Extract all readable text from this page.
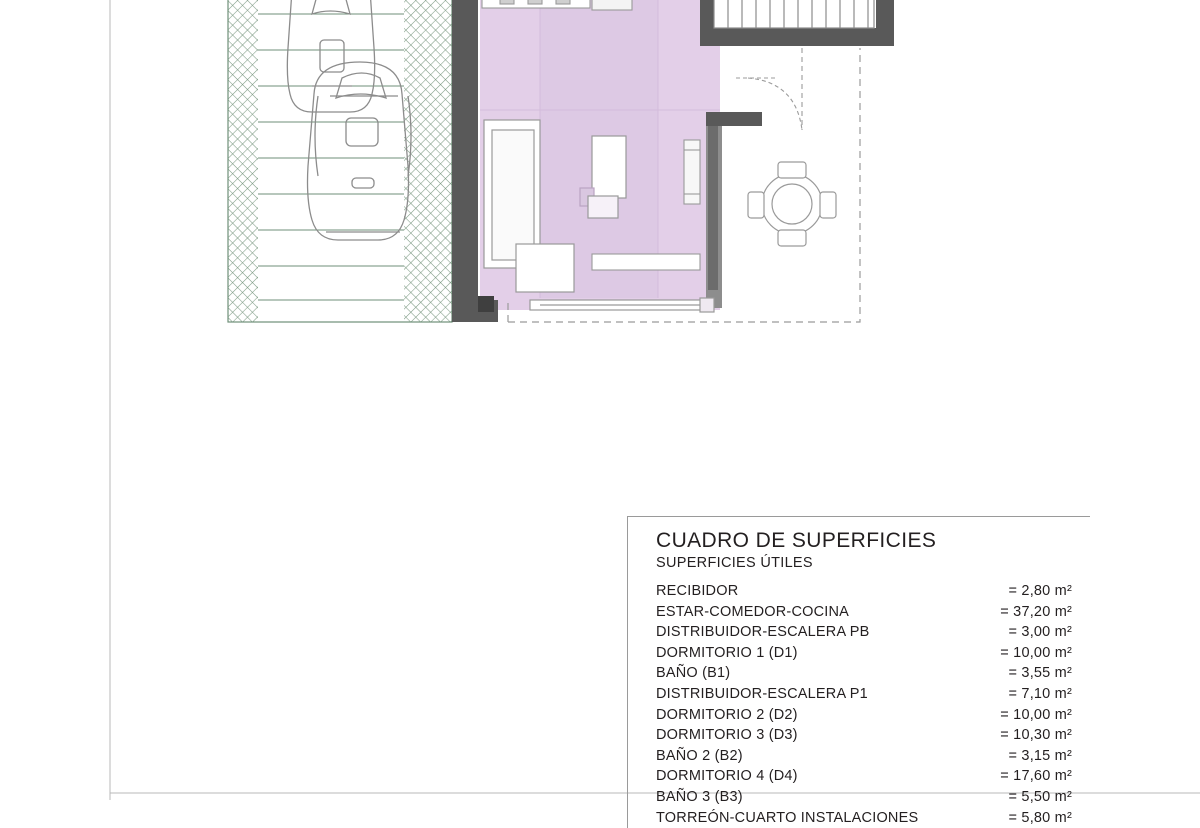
CUADRO DE SUPERFICIES
SUPERFICIES ÚTILES
RECIBIDOR	= 2,80 m²
ESTAR-COMEDOR-COCINA	= 37,20 m²
DISTRIBUIDOR-ESCALERA PB	= 3,00 m²
DORMITORIO 1 (D1)	= 10,00 m²
BAÑO (B1)	= 3,55 m²
DISTRIBUIDOR-ESCALERA P1	= 7,10 m²
DORMITORIO 2 (D2)	= 10,00 m²
DORMITORIO 3 (D3)	= 10,30 m²
BAÑO 2 (B2)	= 3,15 m²
DORMITORIO 4 (D4)	= 17,60 m²
BAÑO 3 (B3)	= 5,50 m²
TORREÓN-CUARTO INSTALACIONES	= 5,80 m²
